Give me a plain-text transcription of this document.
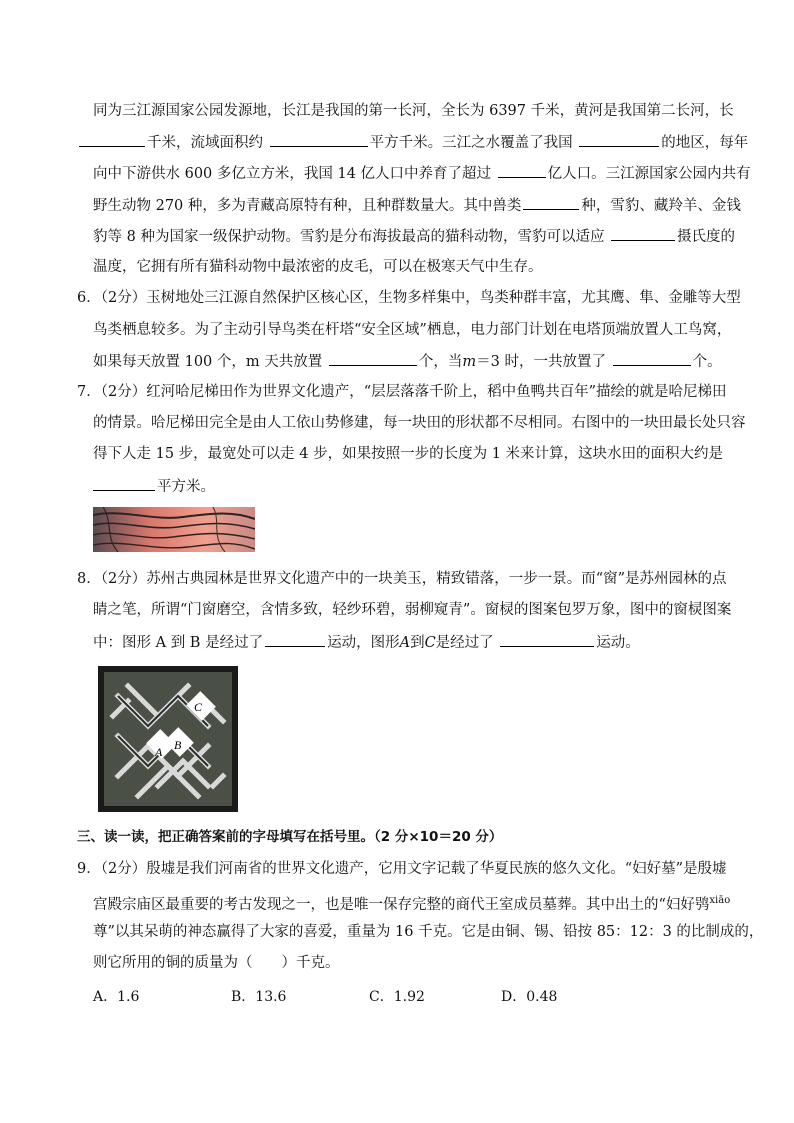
同为三江源国家公园发源地，长江是我国的第一长河，全长为 6397 千米，黄河是我国第二长河，长
千米，流域面积约	平方千米。三江之水覆盖了我国	的地区，每年
向中下游供水 600 多亿立方米，我国 14 亿人口中养育了超过	亿人口。三江源国家公园内共有
野生动物 270 种，多为青藏高原特有种，且种群数量大。其中兽类	种，雪豹、藏羚羊、金钱
豹等 8 种为国家一级保护动物。雪豹是分布海拔最高的猫科动物，雪豹可以适应	摄氏度的
温度，它拥有所有猫科动物中最浓密的皮毛，可以在极寒天气中生存。
6．（2分）玉树地处三江源自然保护区核心区，生物多样集中，鸟类种群丰富，尤其鹰、隼、金雕等大型
鸟类栖息较多。为了主动引导鸟类在杆塔“安全区域”栖息，电力部门计划在电塔顶端放置人工鸟窝，
如果每天放置 100 个，m 天共放置	个，当m＝3 时，一共放置了	个。
7．（2分）红河哈尼梯田作为世界文化遗产，“层层落落千阶上，稻中鱼鸭共百年”描绘的就是哈尼梯田
的情景。哈尼梯田完全是由人工依山势修建，每一块田的形状都不尽相同。右图中的一块田最长处只容
得下人走 15 步，最宽处可以走 4 步，如果按照一步的长度为 1 米来计算，这块水田的面积大约是
平方米。
8．（2分）苏州古典园林是世界文化遗产中的一块美玉，精致错落，一步一景。而“窗”是苏州园林的点
睛之笔，所谓“门窗磨空，含情多致，轻纱环碧，弱柳窥青”。窗棂的图案包罗万象，图中的窗棂图案
中：图形 A 到 B 是经过了	运动，图形A到C是经过了	运动。
C
A B
三、读一读，把正确答案前的字母填写在括号里。（2 分×10＝20 分）
9．（2分）殷墟是我们河南省的世界文化遗产，它用文字记载了华夏民族的悠久文化。“妇好墓”是殷墟
宫殿宗庙区最重要的考古发现之一，也是唯一保存完整的商代王室成员墓葬。其中出土的“妇好鸮$^{xiāo}$
尊”以其呆萌的神态赢得了大家的喜爱，重量为 16 千克。它是由铜、锡、铅按 85：12：3 的比制成的，
则它所用的铜的质量为（　　）千克。
A．1.6	B．13.6	C．1.92	D．0.48
